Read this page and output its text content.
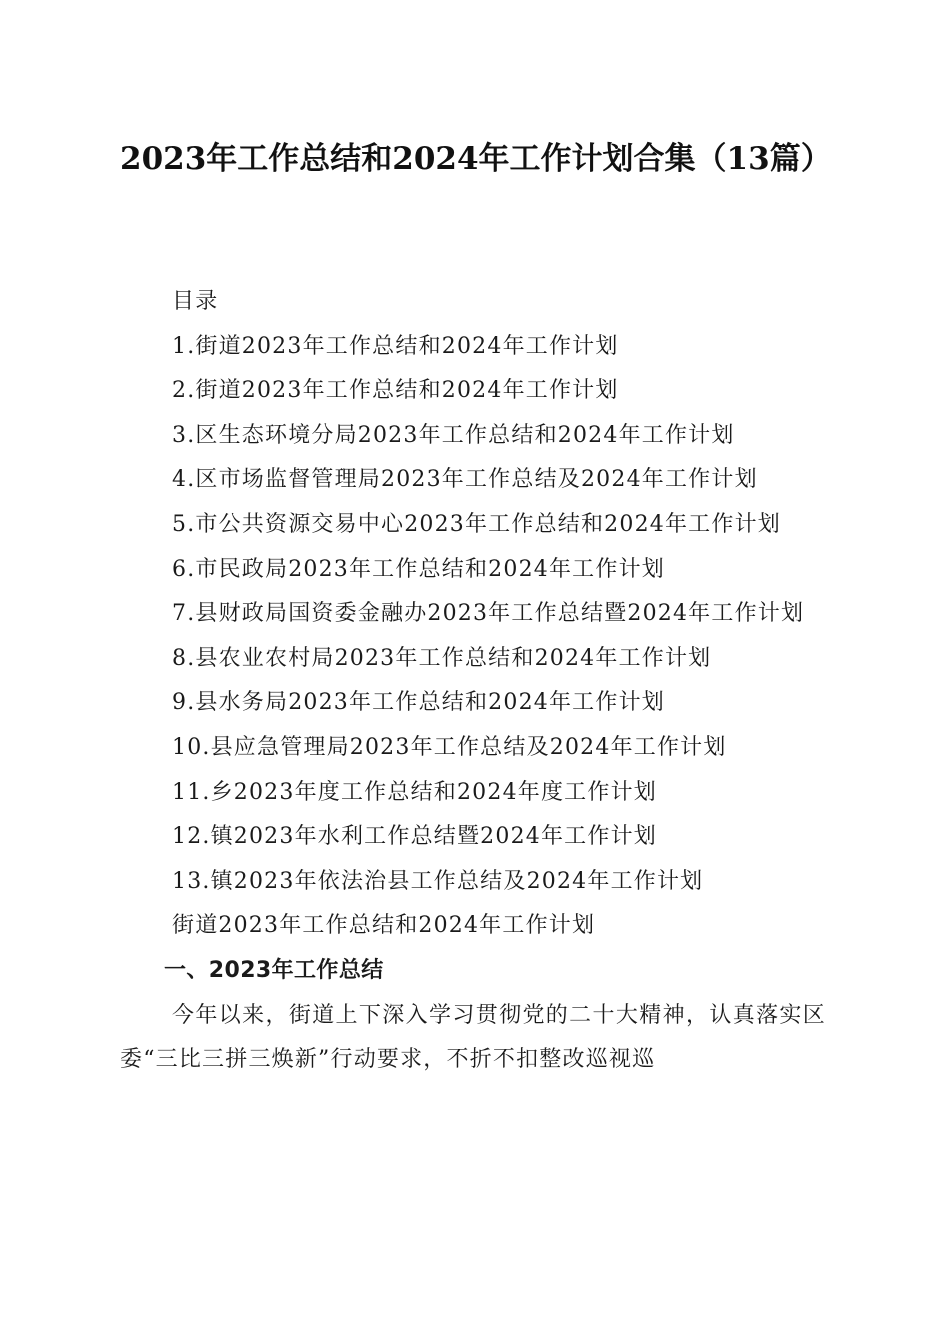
2023年工作总结和2024年工作计划合集（13篇）

目录

1.街道2023年工作总结和2024年工作计划

2.街道2023年工作总结和2024年工作计划

3.区生态环境分局2023年工作总结和2024年工作计划

4.区市场监督管理局2023年工作总结及2024年工作计划

5.市公共资源交易中心2023年工作总结和2024年工作计划

6.市民政局2023年工作总结和2024年工作计划

7.县财政局国资委金融办2023年工作总结暨2024年工作计划

8.县农业农村局2023年工作总结和2024年工作计划

9.县水务局2023年工作总结和2024年工作计划

10.县应急管理局2023年工作总结及2024年工作计划

11.乡2023年度工作总结和2024年度工作计划

12.镇2023年水利工作总结暨2024年工作计划

13.镇2023年依法治县工作总结及2024年工作计划

街道2023年工作总结和2024年工作计划

一、2023年工作总结

今年以来，街道上下深入学习贯彻党的二十大精神，认真落实区委“三比三拼三焕新”行动要求，不折不扣整改巡视巡
